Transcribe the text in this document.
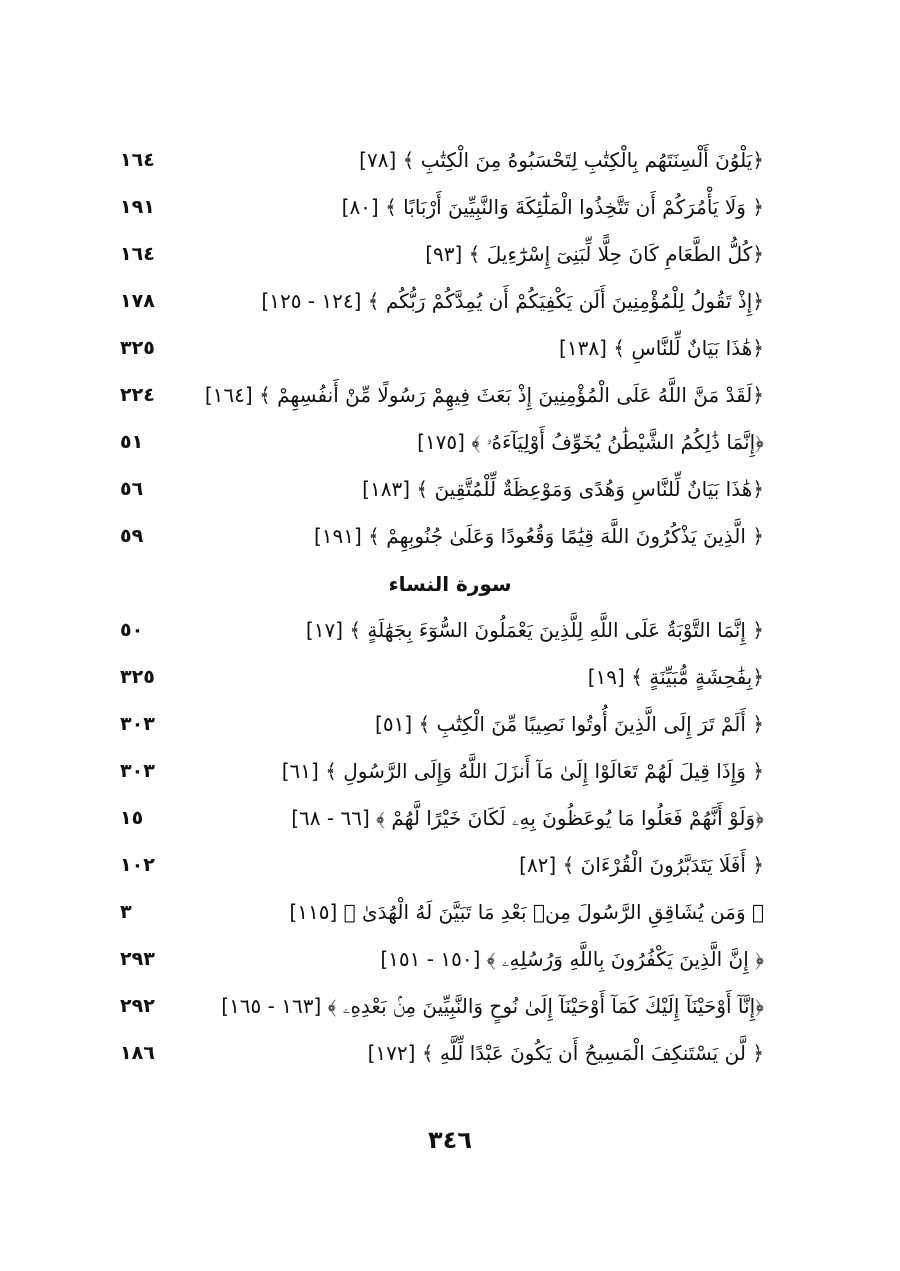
﴿يَلْوُنَ أَلْسِنَتَهُم بِالْكِتَٰبِ لِتَحْسَبُوهُ مِنَ الْكِتَٰبِ ﴾ [٧٨]
١٦٤
﴿ وَلَا يَأْمُرَكُمْ أَن تَتَّخِذُوا الْمَلَٰٓئِكَةَ وَالنَّبِيِّينَ أَرْبَابًا ﴾ [٨٠]
١٩١
﴿كُلُّ الطَّعَامِ كَانَ حِلًّا لِّبَنِىٓ إِسْرَٰٓءِيلَ ﴾ [٩٣]
١٦٤
﴿إِذْ تَقُولُ لِلْمُؤْمِنِينَ أَلَن يَكْفِيَكُمْ أَن يُمِدَّكُمْ رَبُّكُم ﴾ [١٢٤ - ١٢٥]
١٧٨
﴿هَٰذَا بَيَانٌ لِّلنَّاسِ ﴾ [١٣٨]
٣٢٥
﴿لَقَدْ مَنَّ اللَّهُ عَلَى الْمُؤْمِنِينَ إِذْ بَعَثَ فِيهِمْ رَسُولًا مِّنْ أَنفُسِهِمْ ﴾ [١٦٤]
٢٢٤
﴿إِنَّمَا ذَٰلِكُمُ الشَّيْطَٰنُ يُخَوِّفُ أَوْلِيَآءَهُۥ ﴾ [١٧٥]
٥١
﴿هَٰذَا بَيَانٌ لِّلنَّاسِ وَهُدًى وَمَوْعِظَةٌ لِّلْمُتَّقِينَ ﴾ [١٨٣]
٥٦
﴿ الَّذِينَ يَذْكُرُونَ اللَّهَ قِيَٰمًا وَقُعُودًا وَعَلَىٰ جُنُوبِهِمْ ﴾ [١٩١]
٥٩
سورة النساء
﴿ إِنَّمَا التَّوْبَةُ عَلَى اللَّهِ لِلَّذِينَ يَعْمَلُونَ السُّوٓءَ بِجَهَٰلَةٍ ﴾ [١٧]
٥٠
﴿بِفَٰحِشَةٍ مُّبَيِّنَةٍ ﴾ [١٩]
٣٢٥
﴿ أَلَمْ تَرَ إِلَى الَّذِينَ أُوتُوا نَصِيبًا مِّنَ الْكِتَٰبِ ﴾ [٥١]
٣٠٣
﴿ وَإِذَا قِيلَ لَهُمْ تَعَالَوْا إِلَىٰ مَآ أَنزَلَ اللَّهُ وَإِلَى الرَّسُولِ ﴾ [٦١]
٣٠٣
﴿وَلَوْ أَنَّهُمْ فَعَلُوا مَا يُوعَظُونَ بِهِۦ لَكَانَ خَيْرًا لَّهُمْ ﴾ [٦٦ - ٦٨]
١٥
﴿ أَفَلَا يَتَدَبَّرُونَ الْقُرْءَانَ ﴾ [٨٢]
١٠٢
﴿ وَمَن يُشَاقِقِ الرَّسُولَ مِنۢ بَعْدِ مَا تَبَيَّنَ لَهُ الْهُدَىٰ ﴾ [١١٥]
٣
﴿ إِنَّ الَّذِينَ يَكْفُرُونَ بِاللَّهِ وَرُسُلِهِۦ ﴾ [١٥٠ - ١٥١]
٢٩٣
﴿إِنَّآ أَوْحَيْنَآ إِلَيْكَ كَمَآ أَوْحَيْنَآ إِلَىٰ نُوحٍ وَالنَّبِيِّينَ مِنۢ بَعْدِهِۦ ﴾ [١٦٣ - ١٦٥]
٢٩٢
﴿ لَّن يَسْتَنكِفَ الْمَسِيحُ أَن يَكُونَ عَبْدًا لِّلَّهِ ﴾ [١٧٢]
١٨٦
٣٤٦
